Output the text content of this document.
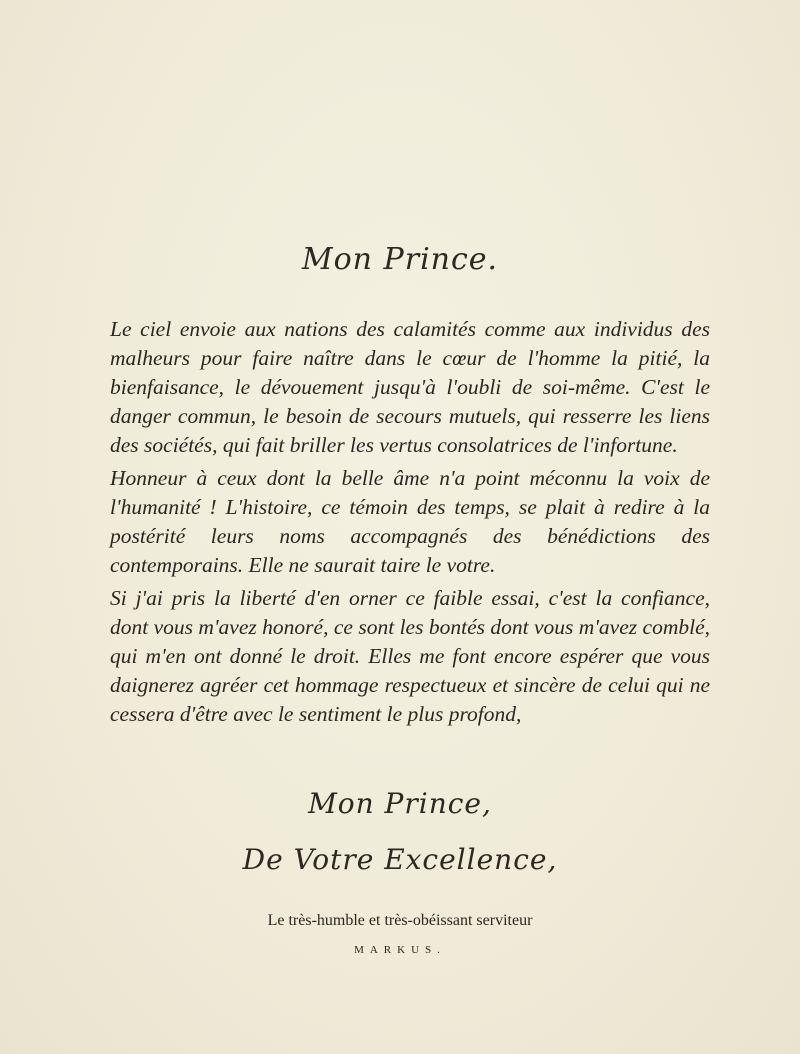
Mon Prince.

Le ciel envoie aux nations des calamités comme aux individus des malheurs pour faire naître dans le cœur de l'homme la pitié, la bienfaisance, le dévouement jusqu'à l'oubli de soi-même. C'est le danger commun, le besoin de secours mutuels, qui resserre les liens des sociétés, qui fait briller les vertus consolatrices de l'infortune.

Honneur à ceux dont la belle âme n'a point méconnu la voix de l'humanité ! L'histoire, ce témoin des temps, se plait à redire à la postérité leurs noms accompagnés des bénédictions des contemporains. Elle ne saurait taire le votre.

Si j'ai pris la liberté d'en orner ce faible essai, c'est la confiance, dont vous m'avez honoré, ce sont les bontés dont vous m'avez comblé, qui m'en ont donné le droit. Elles me font encore espérer que vous daignerez agréer cet hommage respectueux et sincère de celui qui ne cessera d'être avec le sentiment le plus profond,

Mon Prince,
De Votre Excellence,
Le très-humble et très-obéissant serviteur
MARKUS.
